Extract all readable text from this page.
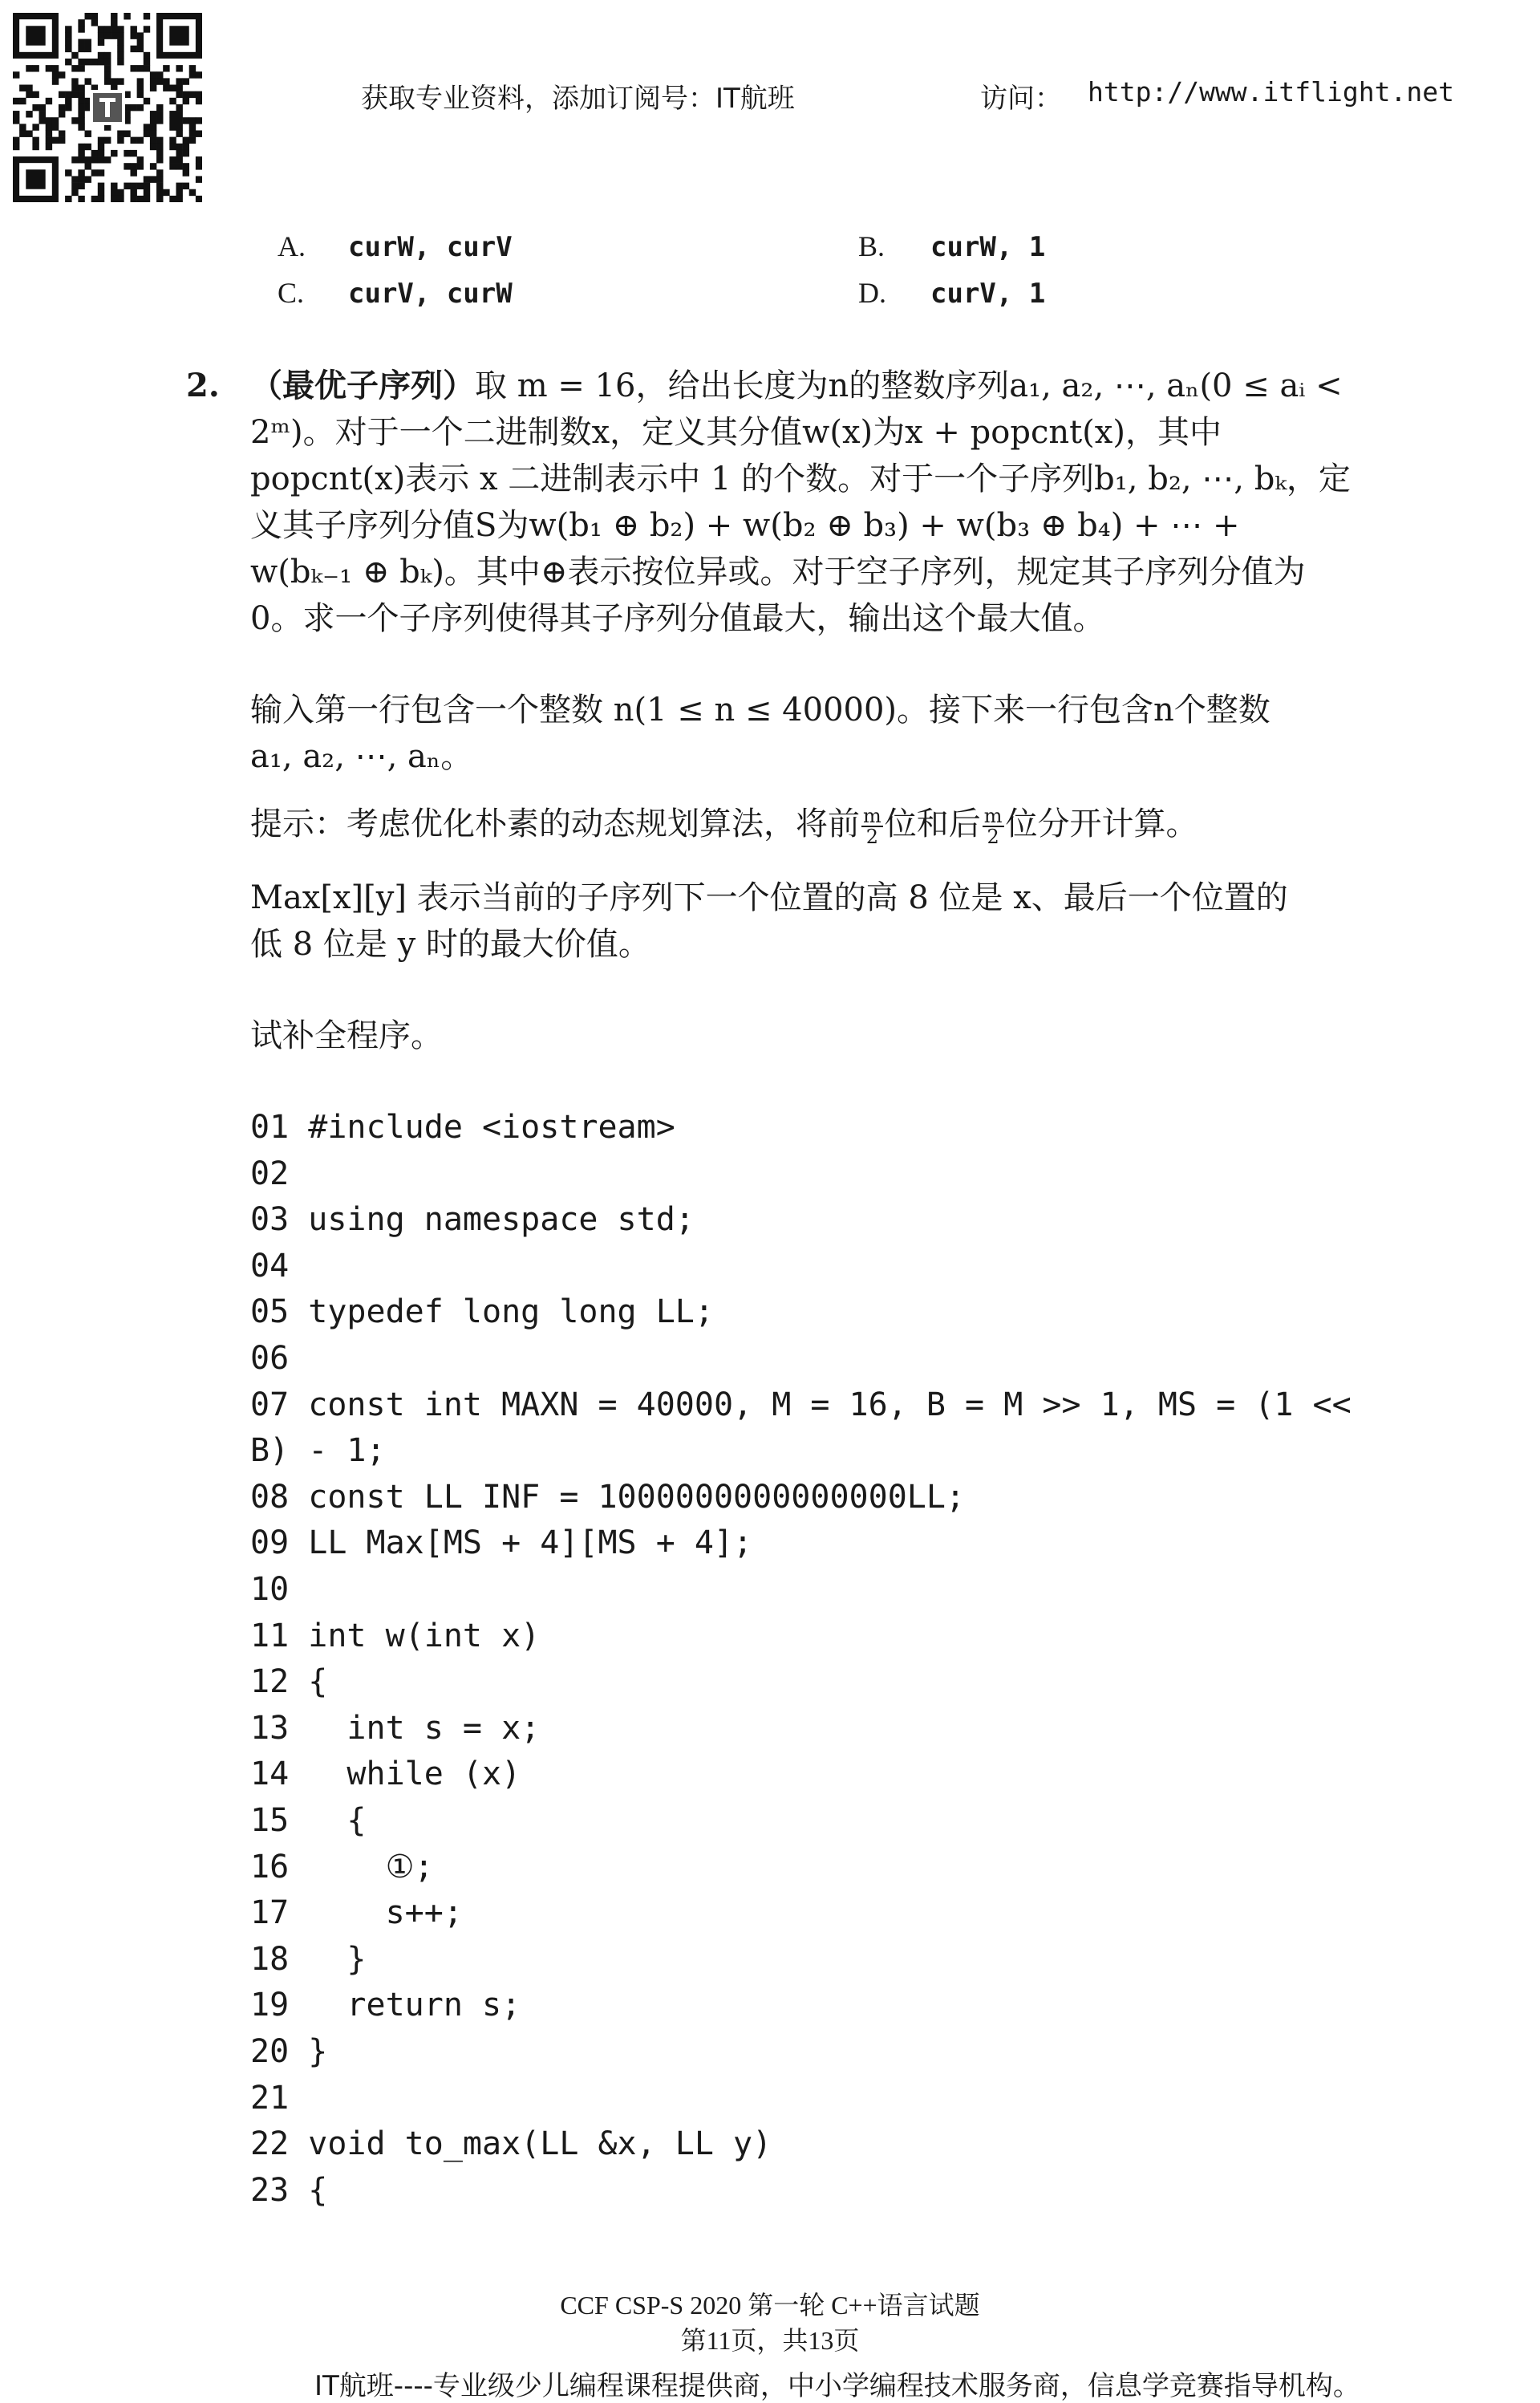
获取专业资料，添加订阅号：IT航班	访问： http://www.itflight.net
A. curW, curV	B. curW, 1
C. curV, curW	D. curV, 1
2. （最优子序列）取 m = 16，给出长度为n的整数序列a₁, a₂, ⋯, aₙ(0 ≤ aᵢ <
2ᵐ)。对于一个二进制数x，定义其分值w(x)为x + popcnt(x)，其中
popcnt(x)表示 x 二进制表示中 1 的个数。对于一个子序列b₁, b₂, ⋯, bₖ，定
义其子序列分值S为w(b₁ ⊕ b₂) + w(b₂ ⊕ b₃) + w(b₃ ⊕ b₄) + ⋯ +
w(bₖ₋₁ ⊕ bₖ)。其中⊕表示按位异或。对于空子序列，规定其子序列分值为
0。求一个子序列使得其子序列分值最大，输出这个最大值。
输入第一行包含一个整数 n(1 ≤ n ≤ 40000)。接下来一行包含n个整数
a₁, a₂, ⋯, aₙ。
提示：考虑优化朴素的动态规划算法，将前 $\frac{m}{2}$ 位和后 $\frac{m}{2}$ 位分开计算。
Max[x][y] 表示当前的子序列下一个位置的高 8 位是 x、最后一个位置的
低 8 位是 y 时的最大价值。
试补全程序。
01 #include <iostream>
02
03 using namespace std;
04
05 typedef long long LL;
06
07 const int MAXN = 40000, M = 16, B = M >> 1, MS = (1 <<
B) - 1;
08 const LL INF = 1000000000000000LL;
09 LL Max[MS + 4][MS + 4];
10
11 int w(int x)
12 {
13   int s = x;
14   while (x)
15   {
16     ①;
17     s++;
18   }
19   return s;
20 }
21
22 void to_max(LL &x, LL y)
23 {
CCF CSP-S 2020 第一轮 C++语言试题
第11页，共13页
IT航班----专业级少儿编程课程提供商，中小学编程技术服务商，信息学竞赛指导机构。
